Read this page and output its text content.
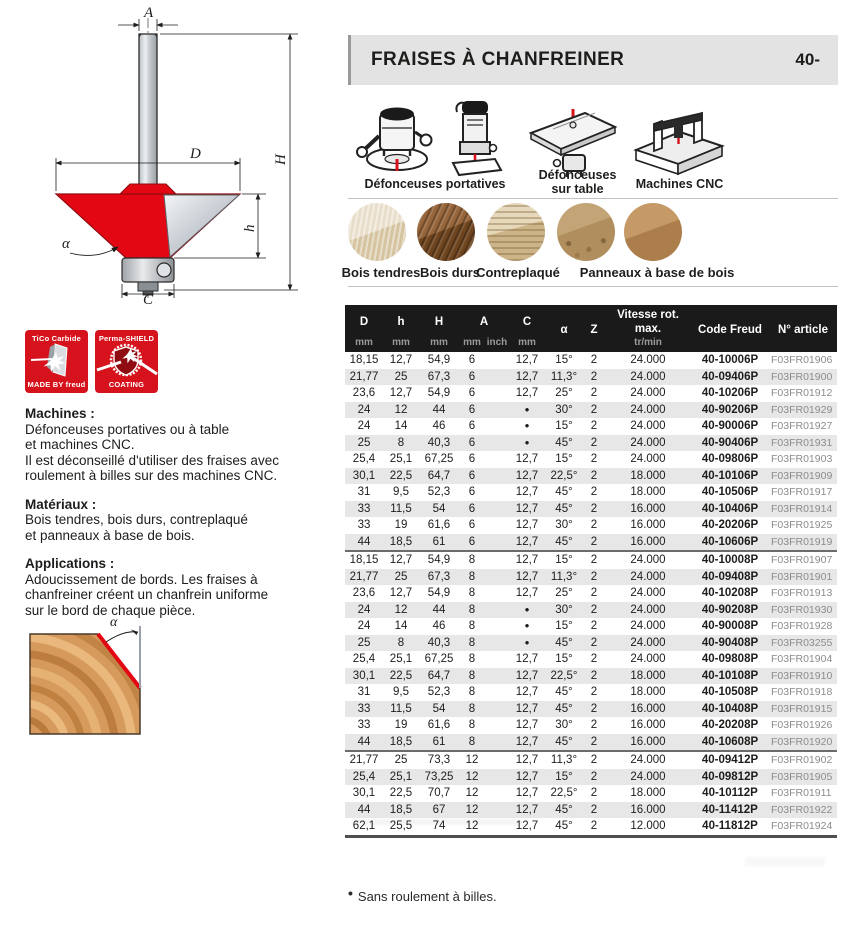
A
D	H
h
C
α
TiCo Carbide
MADE BY freud
Perma-SHIELD
COATING
Machines :
Défonceuses portatives ou à table
et machines CNC.
Il est déconseillé d'utiliser des fraises avec
roulement à billes sur des machines CNC.
Matériaux :
Bois tendres, bois durs, contreplaqué
et panneaux à base de bois.
Applications :
Adoucissement de bords. Les fraises à
chanfreiner créent un chanfrein uniforme
sur le bord de chaque pièce.
α
FRAISES À CHANFREINER	40-
Défonceuses portatives
Défonceuses
sur table	Machines CNC
Bois tendres Bois durs
Contreplaqué Panneaux à base de bois
D	h	H	A		C	α	Z	Vitesse rot. max.	Code Freud	N° article
mm	mm	mm	mm	inch	mm			tr/min		
18,15	12,7	54,9	6		12,7	15°	2	24.000	40-10006P	F03FR01906
21,77	25	67,3	6		12,7	11,3°	2	24.000	40-09406P	F03FR01900
23,6	12,7	54,9	6		12,7	25°	2	24.000	40-10206P	F03FR01912
24	12	44	6		•	30°	2	24.000	40-90206P	F03FR01929
24	14	46	6		•	15°	2	24.000	40-90006P	F03FR01927
25	8	40,3	6		•	45°	2	24.000	40-90406P	F03FR01931
25,4	25,1	67,25	6		12,7	15°	2	24.000	40-09806P	F03FR01903
30,1	22,5	64,7	6		12,7	22,5°	2	18.000	40-10106P	F03FR01909
31	9,5	52,3	6		12,7	45°	2	18.000	40-10506P	F03FR01917
33	11,5	54	6		12,7	45°	2	16.000	40-10406P	F03FR01914
33	19	61,6	6		12,7	30°	2	16.000	40-20206P	F03FR01925
44	18,5	61	6		12,7	45°	2	16.000	40-10606P	F03FR01919
18,15	12,7	54,9	8		12,7	15°	2	24.000	40-10008P	F03FR01907
21,77	25	67,3	8		12,7	11,3°	2	24.000	40-09408P	F03FR01901
23,6	12,7	54,9	8		12,7	25°	2	24.000	40-10208P	F03FR01913
24	12	44	8		•	30°	2	24.000	40-90208P	F03FR01930
24	14	46	8		•	15°	2	24.000	40-90008P	F03FR01928
25	8	40,3	8		•	45°	2	24.000	40-90408P	F03FR03255
25,4	25,1	67,25	8		12,7	15°	2	24.000	40-09808P	F03FR01904
30,1	22,5	64,7	8		12,7	22,5°	2	18.000	40-10108P	F03FR01910
31	9,5	52,3	8		12,7	45°	2	18.000	40-10508P	F03FR01918
33	11,5	54	8		12,7	45°	2	16.000	40-10408P	F03FR01915
33	19	61,6	8		12,7	30°	2	16.000	40-20208P	F03FR01926
44	18,5	61	8		12,7	45°	2	16.000	40-10608P	F03FR01920
21,77	25	73,3	12		12,7	11,3°	2	24.000	40-09412P	F03FR01902
25,4	25,1	73,25	12		12,7	15°	2	24.000	40-09812P	F03FR01905
30,1	22,5	70,7	12		12,7	22,5°	2	18.000	40-10112P	F03FR01911
44	18,5	67	12		12,7	45°	2	16.000	40-11412P	F03FR01922
62,1	25,5	74	12		12,7	45°	2	12.000	40-11812P	F03FR01924
• Sans roulement à billes.
